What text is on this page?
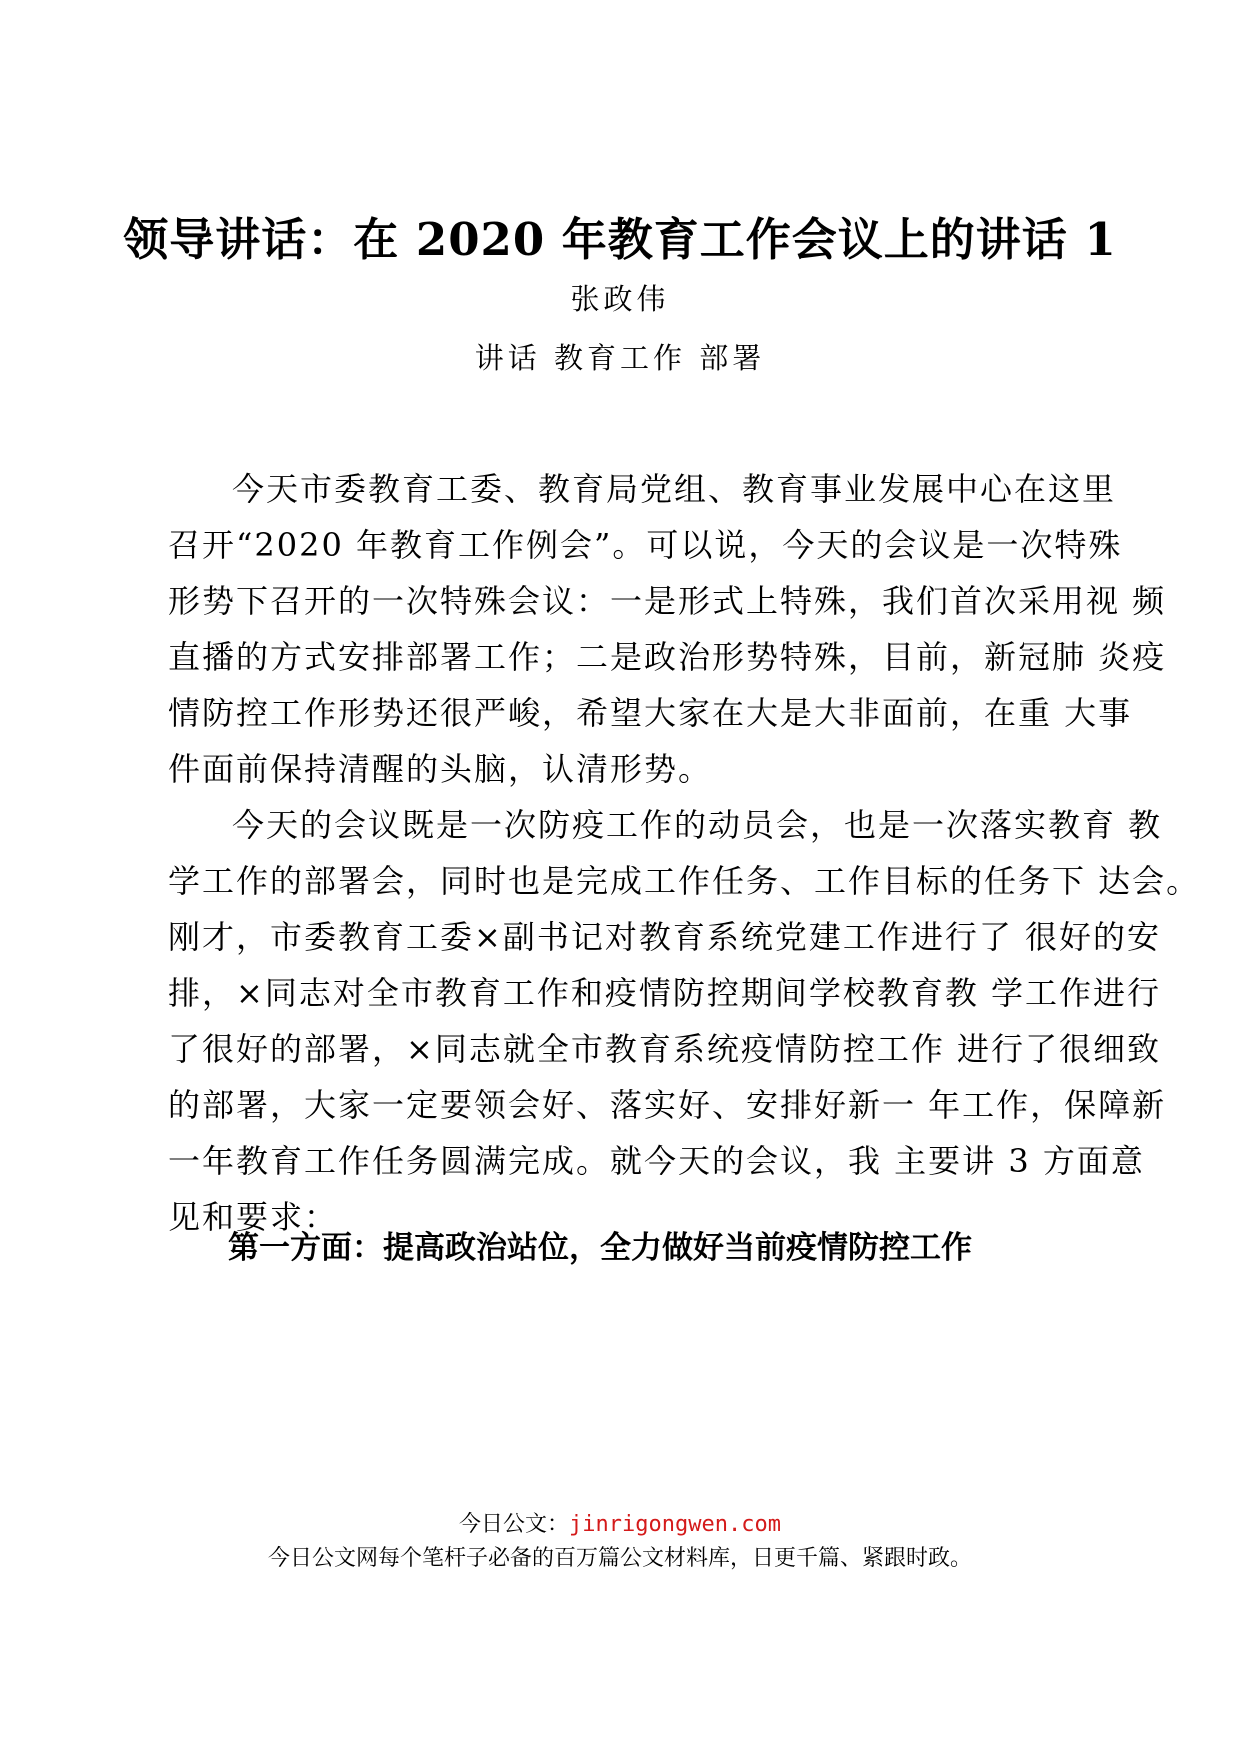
领导讲话：在 2020 年教育工作会议上的讲话 1
张政伟
讲话 教育工作 部署
今天市委教育工委、教育局党组、教育事业发展中心在这里
召开“2020 年教育工作例会”。可以说，今天的会议是一次特殊
形势下召开的一次特殊会议：一是形式上特殊，我们首次采用视 频
直播的方式安排部署工作；二是政治形势特殊，目前，新冠肺 炎疫
情防控工作形势还很严峻，希望大家在大是大非面前，在重 大事
件面前保持清醒的头脑，认清形势。
今天的会议既是一次防疫工作的动员会，也是一次落实教育 教
学工作的部署会，同时也是完成工作任务、工作目标的任务下 达会。
刚才，市委教育工委×副书记对教育系统党建工作进行了 很好的安
排，×同志对全市教育工作和疫情防控期间学校教育教 学工作进行
了很好的部署，×同志就全市教育系统疫情防控工作 进行了很细致
的部署，大家一定要领会好、落实好、安排好新一 年工作，保障新
一年教育工作任务圆满完成。就今天的会议，我 主要讲 3 方面意
见和要求：
第一方面：提高政治站位，全力做好当前疫情防控工作
今日公文：jinrigongwen.com
今日公文网每个笔杆子必备的百万篇公文材料库，日更千篇、紧跟时政。
